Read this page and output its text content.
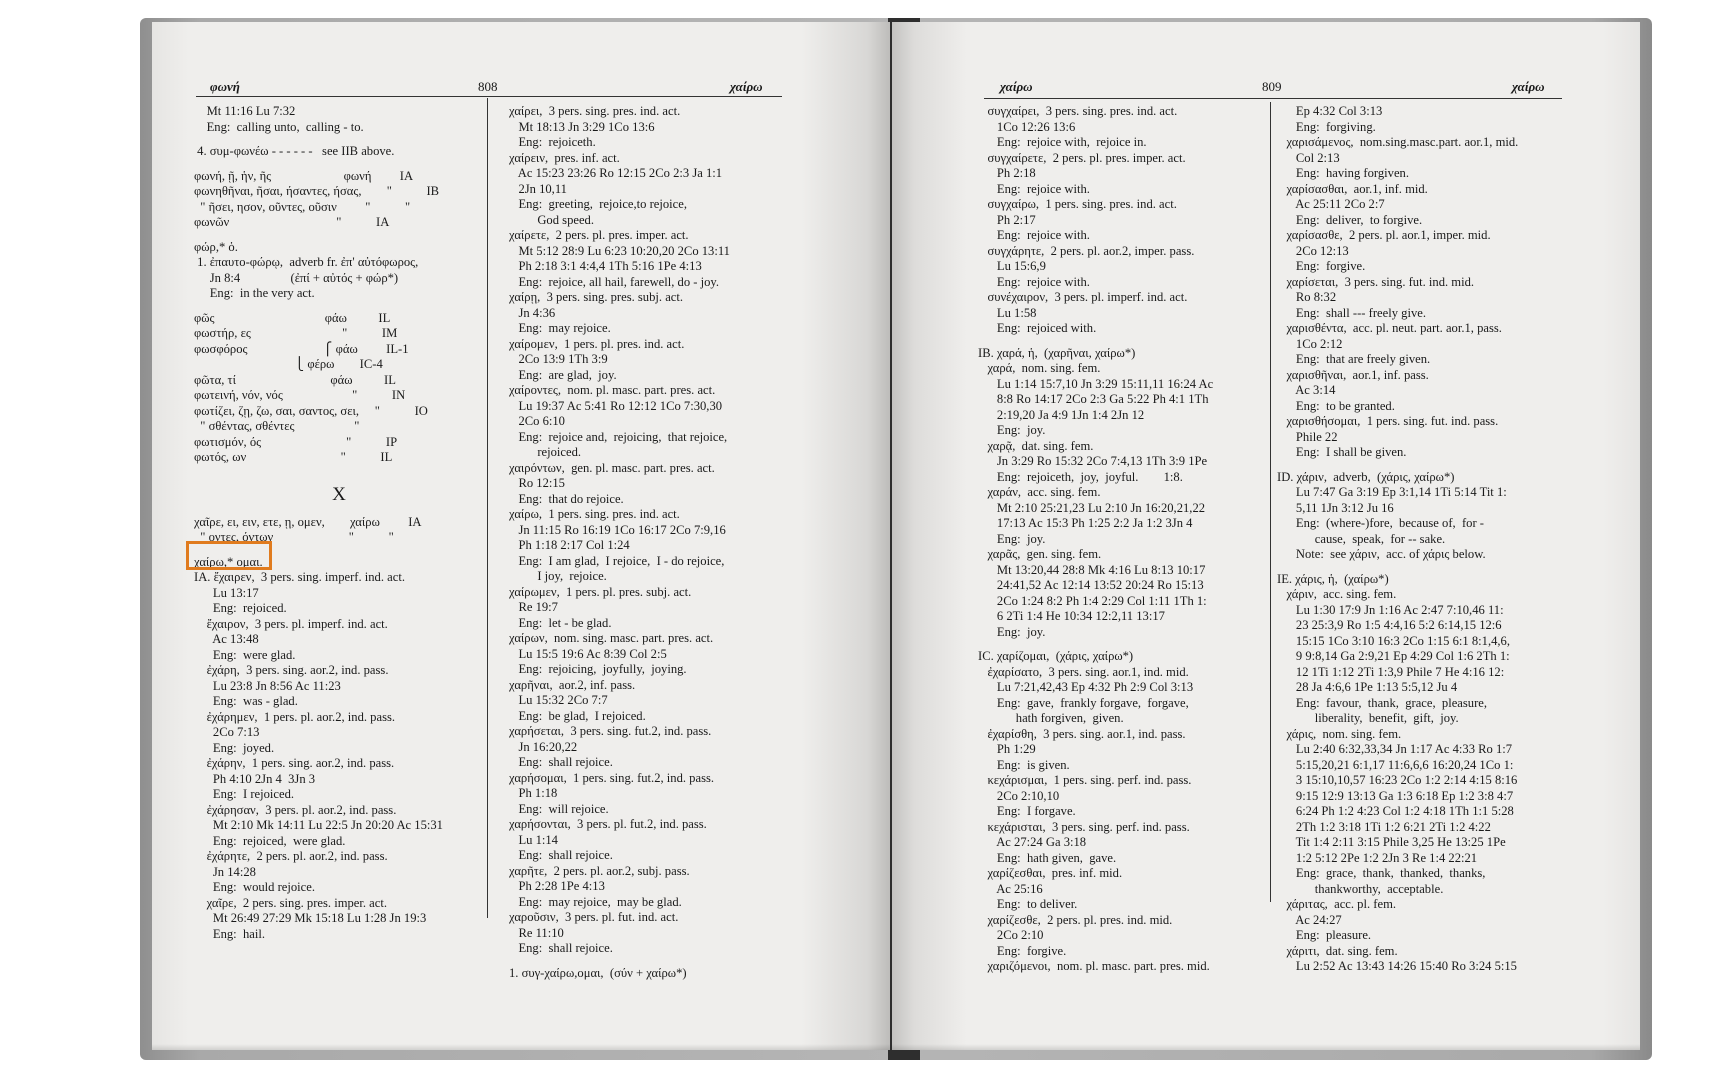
φωνή	808	χαίρω
Mt 11:16 Lu 7:32
Eng:  calling unto,  calling - to.
4. συμ-φωνέω - - - - - -   see IIB above.
φωνή, ῇ, ἡν, ῆς                       φωνή         IA
φωνηθῆναι, ῆσαι, ήσαντες, ήσας,        "           IB
" ῆσει, ησον, οῦντες, οῦσιν         "           "
φωνῶν                                  "           IA
φώρ,* ὁ.
1. ἐπαυτο-φώρῳ,  adverb fr. ἐπ' αὐτόφωρος,
Jn 8:4                (ἐπί + αὐτός + φώρ*)
Eng:  in the very act.
φῶς                                   φάω          IL
φωστήρ, ες                             "           IM
φωσφόρος                        ⎧ φάω         IL-1
⎩ φέρω        IC-4
φῶτα, τί                              φάω          IL
φωτεινή, νόν, νός                      "           IN
φωτίζει, ζῃ, ζω, σαι, σαντος, σει,     "           IO
" σθέντας, σθέντες                   "
φωτισμόν, ός                           "           IP
φωτός, ων                              "           IL
X
χαῖρε, ει, ειν, ετε, ῃ, ομεν,        χαίρω         IA
" οντες, όντων                        "           "
χαίρω,* ομαι.
IA. ἔχαιρεν,  3 pers. sing. imperf. ind. act.
Lu 13:17
Eng:  rejoiced.
ἔχαιρον,  3 pers. pl. imperf. ind. act.
Ac 13:48
Eng:  were glad.
ἐχάρη,  3 pers. sing. aor.2, ind. pass.
Lu 23:8 Jn 8:56 Ac 11:23
Eng:  was - glad.
ἐχάρημεν,  1 pers. pl. aor.2, ind. pass.
2Co 7:13
Eng:  joyed.
ἐχάρην,  1 pers. sing. aor.2, ind. pass.
Ph 4:10 2Jn 4  3Jn 3
Eng:  I rejoiced.
ἐχάρησαν,  3 pers. pl. aor.2, ind. pass.
Mt 2:10 Mk 14:11 Lu 22:5 Jn 20:20 Ac 15:31
Eng:  rejoiced,  were glad.
ἐχάρητε,  2 pers. pl. aor.2, ind. pass.
Jn 14:28
Eng:  would rejoice.
χαῖρε,  2 pers. sing. pres. imper. act.
Mt 26:49 27:29 Mk 15:18 Lu 1:28 Jn 19:3
Eng:  hail.
χαίρει,  3 pers. sing. pres. ind. act.
Mt 18:13 Jn 3:29 1Co 13:6
Eng:  rejoiceth.
χαίρειν,  pres. inf. act.
Ac 15:23 23:26 Ro 12:15 2Co 2:3 Ja 1:1
2Jn 10,11
Eng:  greeting,  rejoice,to rejoice,
God speed.
χαίρετε,  2 pers. pl. pres. imper. act.
Mt 5:12 28:9 Lu 6:23 10:20,20 2Co 13:11
Ph 2:18 3:1 4:4,4 1Th 5:16 1Pe 4:13
Eng:  rejoice, all hail, farewell, do - joy.
χαίρῃ,  3 pers. sing. pres. subj. act.
Jn 4:36
Eng:  may rejoice.
χαίρομεν,  1 pers. pl. pres. ind. act.
2Co 13:9 1Th 3:9
Eng:  are glad,  joy.
χαίροντες,  nom. pl. masc. part. pres. act.
Lu 19:37 Ac 5:41 Ro 12:12 1Co 7:30,30
2Co 6:10
Eng:  rejoice and,  rejoicing,  that rejoice,
rejoiced.
χαιρόντων,  gen. pl. masc. part. pres. act.
Ro 12:15
Eng:  that do rejoice.
χαίρω,  1 pers. sing. pres. ind. act.
Jn 11:15 Ro 16:19 1Co 16:17 2Co 7:9,16
Ph 1:18 2:17 Col 1:24
Eng:  I am glad,  I rejoice,  I - do rejoice,
I joy,  rejoice.
χαίρωμεν,  1 pers. pl. pres. subj. act.
Re 19:7
Eng:  let - be glad.
χαίρων,  nom. sing. masc. part. pres. act.
Lu 15:5 19:6 Ac 8:39 Col 2:5
Eng:  rejoicing,  joyfully,  joying.
χαρῆναι,  aor.2, inf. pass.
Lu 15:32 2Co 7:7
Eng:  be glad,  I rejoiced.
χαρήσεται,  3 pers. sing. fut.2, ind. pass.
Jn 16:20,22
Eng:  shall rejoice.
χαρήσομαι,  1 pers. sing. fut.2, ind. pass.
Ph 1:18
Eng:  will rejoice.
χαρήσονται,  3 pers. pl. fut.2, ind. pass.
Lu 1:14
Eng:  shall rejoice.
χαρῆτε,  2 pers. pl. aor.2, subj. pass.
Ph 2:28 1Pe 4:13
Eng:  may rejoice,  may be glad.
χαροῦσιν,  3 pers. pl. fut. ind. act.
Re 11:10
Eng:  shall rejoice.
1. συγ-χαίρω,ομαι,  (σύν + χαίρω*)
χαίρω	809	χαίρω
συγχαίρει,  3 pers. sing. pres. ind. act.
1Co 12:26 13:6
Eng:  rejoice with,  rejoice in.
συγχαίρετε,  2 pers. pl. pres. imper. act.
Ph 2:18
Eng:  rejoice with.
συγχαίρω,  1 pers. sing. pres. ind. act.
Ph 2:17
Eng:  rejoice with.
συγχάρητε,  2 pers. pl. aor.2, imper. pass.
Lu 15:6,9
Eng:  rejoice with.
συνέχαιρον,  3 pers. pl. imperf. ind. act.
Lu 1:58
Eng:  rejoiced with.
IB. χαρά, ἡ,  (χαρῆναι, χαίρω*)
χαρά,  nom. sing. fem.
Lu 1:14 15:7,10 Jn 3:29 15:11,11 16:24 Ac
8:8 Ro 14:17 2Co 2:3 Ga 5:22 Ph 4:1 1Th
2:19,20 Ja 4:9 1Jn 1:4 2Jn 12
Eng:  joy.
χαρᾷ,  dat. sing. fem.
Jn 3:29 Ro 15:32 2Co 7:4,13 1Th 3:9 1Pe
Eng:  rejoiceth,  joy,  joyful.        1:8.
χαράν,  acc. sing. fem.
Mt 2:10 25:21,23 Lu 2:10 Jn 16:20,21,22
17:13 Ac 15:3 Ph 1:25 2:2 Ja 1:2 3Jn 4
Eng:  joy.
χαρᾶς,  gen. sing. fem.
Mt 13:20,44 28:8 Mk 4:16 Lu 8:13 10:17
24:41,52 Ac 12:14 13:52 20:24 Ro 15:13
2Co 1:24 8:2 Ph 1:4 2:29 Col 1:11 1Th 1:
6 2Ti 1:4 He 10:34 12:2,11 13:17
Eng:  joy.
IC. χαρίζομαι,  (χάρις, χαίρω*)
ἐχαρίσατο,  3 pers. sing. aor.1, ind. mid.
Lu 7:21,42,43 Ep 4:32 Ph 2:9 Col 3:13
Eng:  gave,  frankly forgave,  forgave,
hath forgiven,  given.
ἐχαρίσθη,  3 pers. sing. aor.1, ind. pass.
Ph 1:29
Eng:  is given.
κεχάρισμαι,  1 pers. sing. perf. ind. pass.
2Co 2:10,10
Eng:  I forgave.
κεχάρισται,  3 pers. sing. perf. ind. pass.
Ac 27:24 Ga 3:18
Eng:  hath given,  gave.
χαρίζεσθαι,  pres. inf. mid.
Ac 25:16
Eng:  to deliver.
χαρίζεσθε,  2 pers. pl. pres. ind. mid.
2Co 2:10
Eng:  forgive.
χαριζόμενοι,  nom. pl. masc. part. pres. mid.
Ep 4:32 Col 3:13
Eng:  forgiving.
χαρισάμενος,  nom.sing.masc.part. aor.1, mid.
Col 2:13
Eng:  having forgiven.
χαρίσασθαι,  aor.1, inf. mid.
Ac 25:11 2Co 2:7
Eng:  deliver,  to forgive.
χαρίσασθε,  2 pers. pl. aor.1, imper. mid.
2Co 12:13
Eng:  forgive.
χαρίσεται,  3 pers. sing. fut. ind. mid.
Ro 8:32
Eng:  shall --- freely give.
χαρισθέντα,  acc. pl. neut. part. aor.1, pass.
1Co 2:12
Eng:  that are freely given.
χαρισθῆναι,  aor.1, inf. pass.
Ac 3:14
Eng:  to be granted.
χαρισθήσομαι,  1 pers. sing. fut. ind. pass.
Phile 22
Eng:  I shall be given.
ID. χάριν,  adverb,  (χάρις, χαίρω*)
Lu 7:47 Ga 3:19 Ep 3:1,14 1Ti 5:14 Tit 1:
5,11 1Jn 3:12 Ju 16
Eng:  (where-)fore,  because of,  for -
cause,  speak,  for -- sake.
Note:  see χάριν,  acc. of χάρις below.
IE. χάρις, ἡ,  (χαίρω*)
χάριν,  acc. sing. fem.
Lu 1:30 17:9 Jn 1:16 Ac 2:47 7:10,46 11:
23 25:3,9 Ro 1:5 4:4,16 5:2 6:14,15 12:6
15:15 1Co 3:10 16:3 2Co 1:15 6:1 8:1,4,6,
9 9:8,14 Ga 2:9,21 Ep 4:29 Col 1:6 2Th 1:
12 1Ti 1:12 2Ti 1:3,9 Phile 7 He 4:16 12:
28 Ja 4:6,6 1Pe 1:13 5:5,12 Ju 4
Eng:  favour,  thank,  grace,  pleasure,
liberality,  benefit,  gift,  joy.
χάρις,  nom. sing. fem.
Lu 2:40 6:32,33,34 Jn 1:17 Ac 4:33 Ro 1:7
5:15,20,21 6:1,17 11:6,6,6 16:20,24 1Co 1:
3 15:10,10,57 16:23 2Co 1:2 2:14 4:15 8:16
9:15 12:9 13:13 Ga 1:3 6:18 Ep 1:2 3:8 4:7
6:24 Ph 1:2 4:23 Col 1:2 4:18 1Th 1:1 5:28
2Th 1:2 3:18 1Ti 1:2 6:21 2Ti 1:2 4:22
Tit 1:4 2:11 3:15 Phile 3,25 He 13:25 1Pe
1:2 5:12 2Pe 1:2 2Jn 3 Re 1:4 22:21
Eng:  grace,  thank,  thanked,  thanks,
thankworthy,  acceptable.
χάριτας,  acc. pl. fem.
Ac 24:27
Eng:  pleasure.
χάριτι,  dat. sing. fem.
Lu 2:52 Ac 13:43 14:26 15:40 Ro 3:24 5:15
